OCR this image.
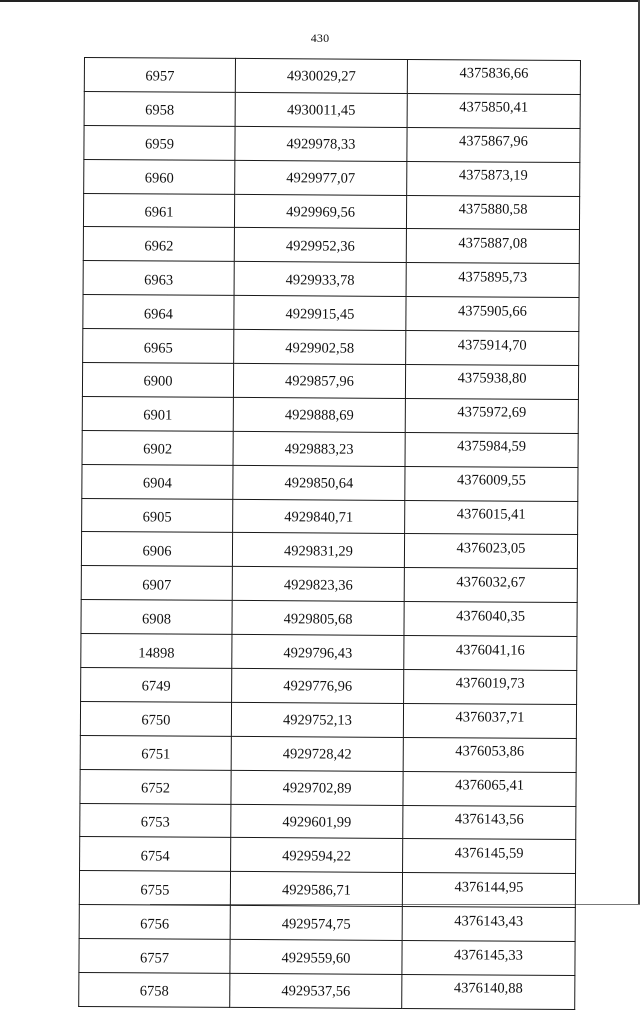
430
6957	4930029,27	4375836,66
6958	4930011,45	4375850,41
6959	4929978,33	4375867,96
6960	4929977,07	4375873,19
6961	4929969,56	4375880,58
6962	4929952,36	4375887,08
6963	4929933,78	4375895,73
6964	4929915,45	4375905,66
6965	4929902,58	4375914,70
6900	4929857,96	4375938,80
6901	4929888,69	4375972,69
6902	4929883,23	4375984,59
6904	4929850,64	4376009,55
6905	4929840,71	4376015,41
6906	4929831,29	4376023,05
6907	4929823,36	4376032,67
6908	4929805,68	4376040,35
14898	4929796,43	4376041,16
6749	4929776,96	4376019,73
6750	4929752,13	4376037,71
6751	4929728,42	4376053,86
6752	4929702,89	4376065,41
6753	4929601,99	4376143,56
6754	4929594,22	4376145,59
6755	4929586,71	4376144,95
6756	4929574,75	4376143,43
6757	4929559,60	4376145,33
6758	4929537,56	4376140,88
